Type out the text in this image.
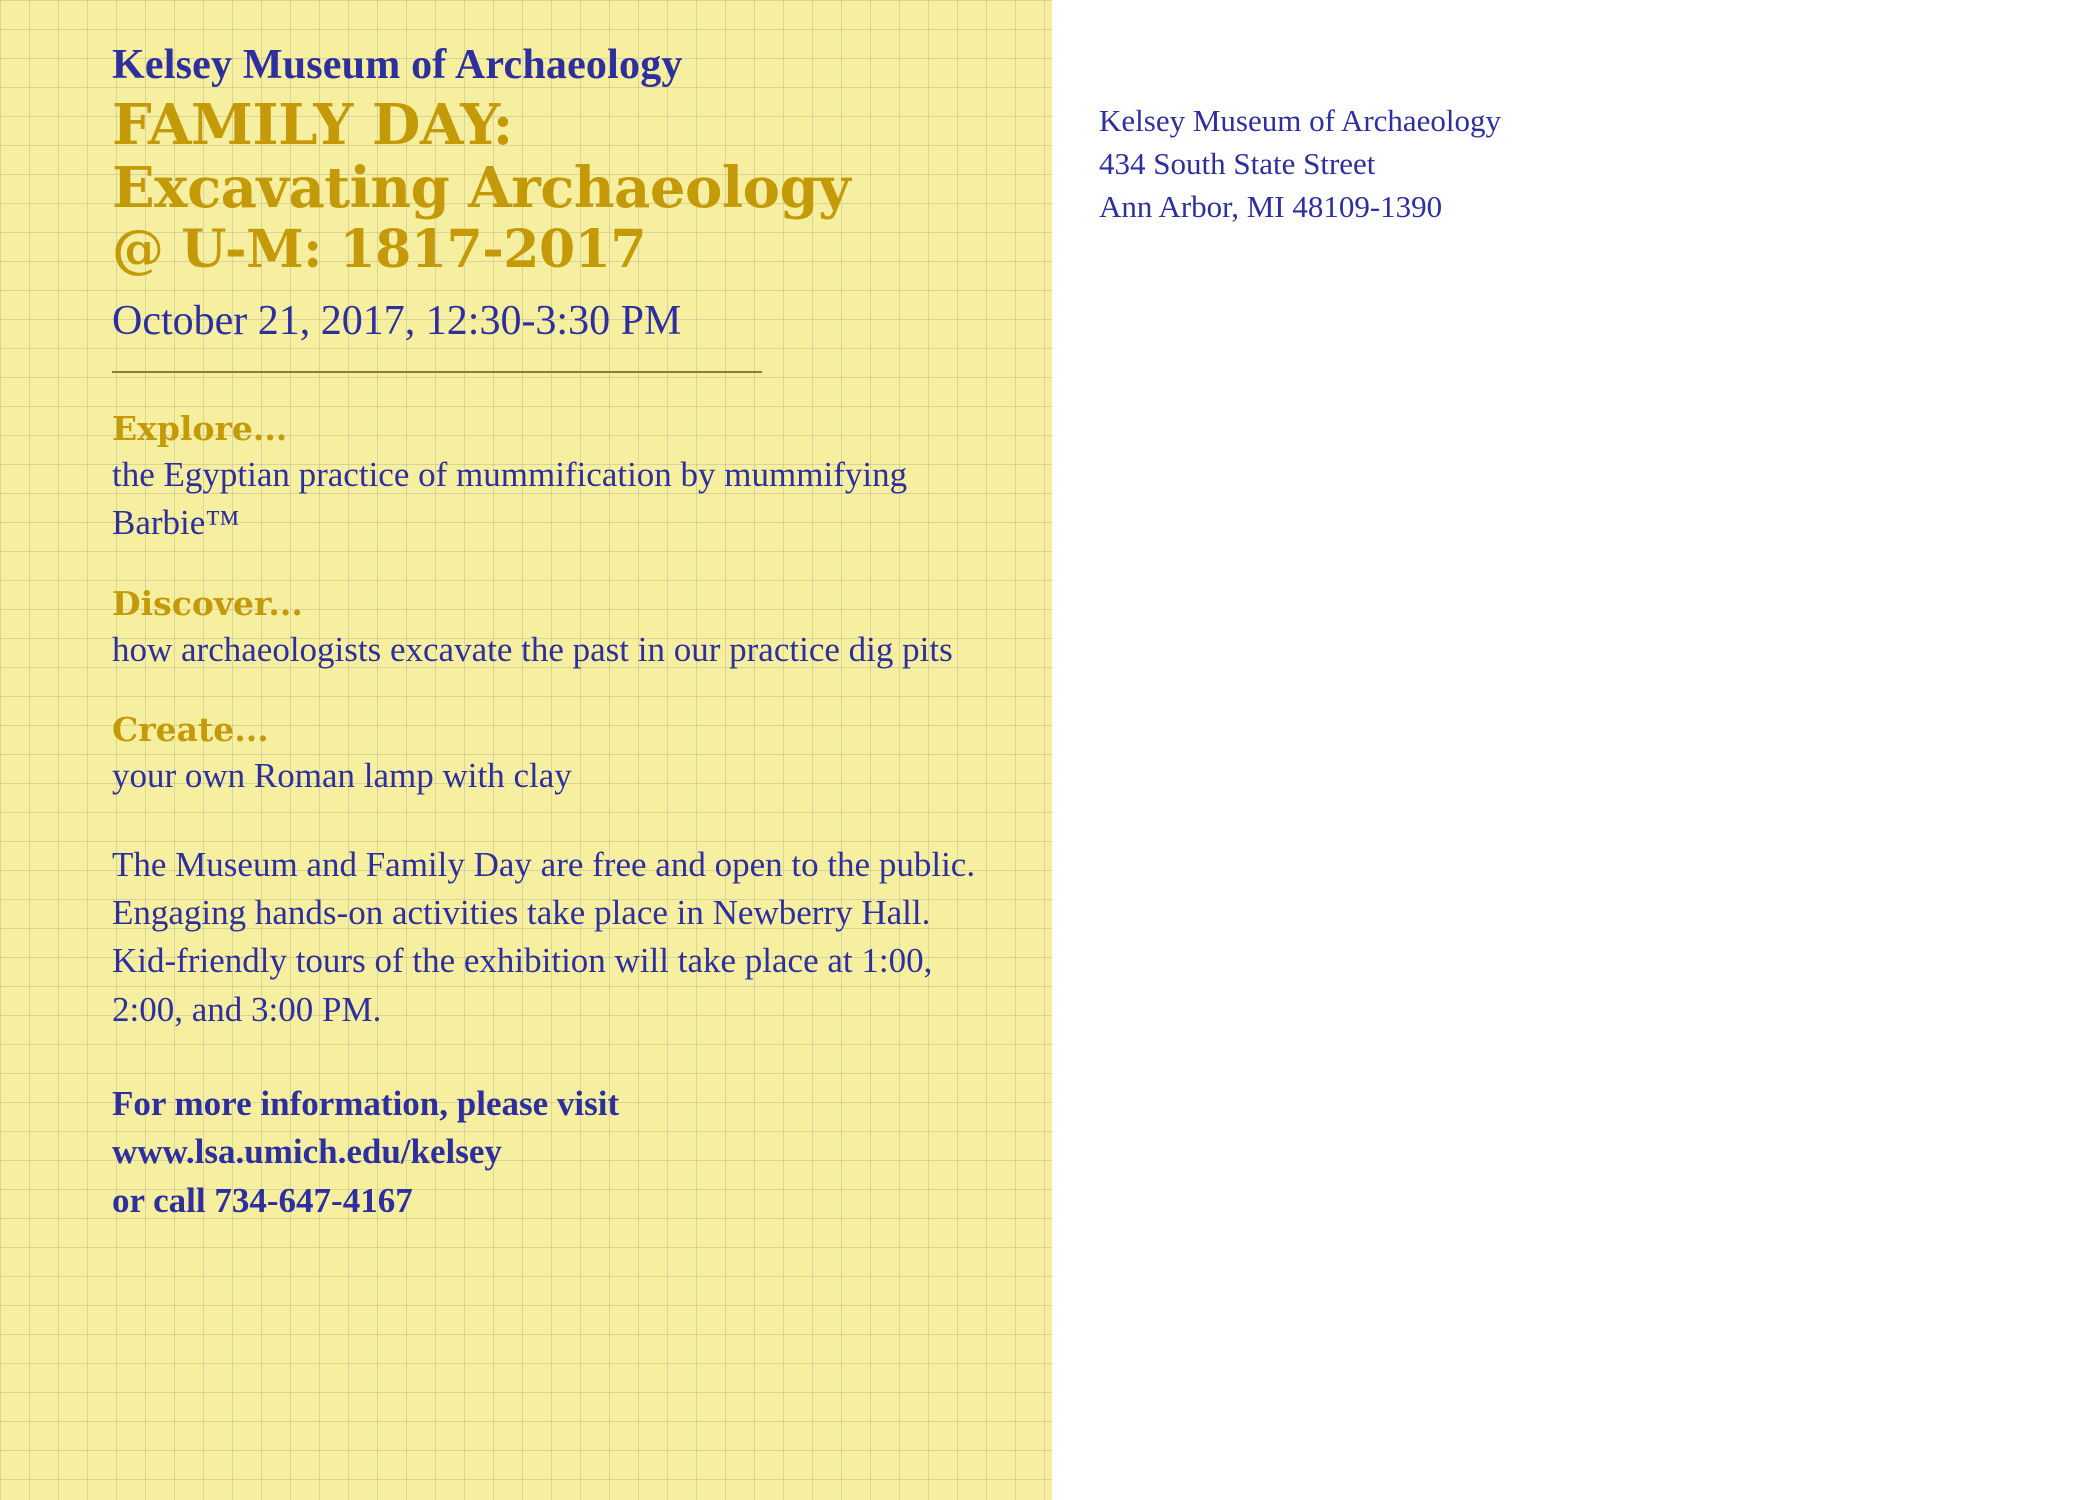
Kelsey Museum of Archaeology

FAMILY DAY:

Excavating Archaeology

@ U-M: 1817-2017

October 21, 2017, 12:30-3:30 PM

Explore...

the Egyptian practice of mummification by mummifying Barbie™

Discover...

how archaeologists excavate the past in our practice dig pits

Create...

your own Roman lamp with clay

The Museum and Family Day are free and open to the public. Engaging hands-on activities take place in Newberry Hall. Kid-friendly tours of the exhibition will take place at 1:00, 2:00, and 3:00 PM.

For more information, please visit

www.lsa.umich.edu/kelsey

or call 734-647-4167

Kelsey Museum of Archaeology
434 South State Street
Ann Arbor, MI 48109-1390
